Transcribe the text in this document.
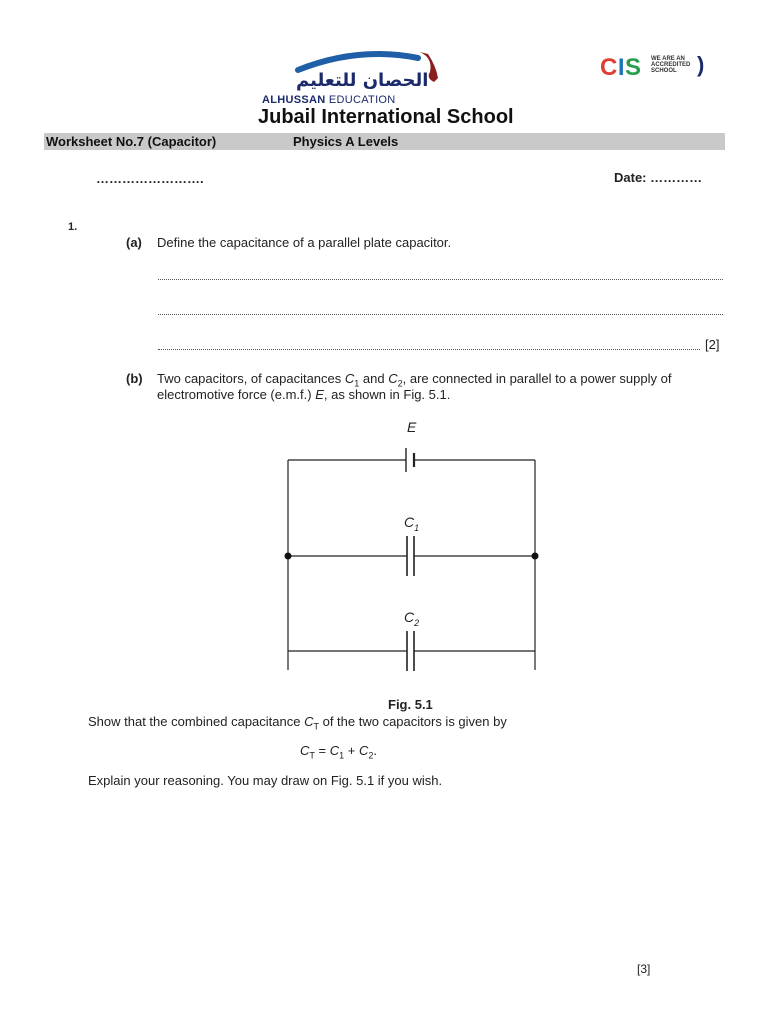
الحصان للتعليم
ALHUSSAN EDUCATION
Jubail International School
CIS WE ARE AN
ACCREDITED
SCHOOL )
Worksheet No.7 (Capacitor)	Physics A Levels
…………………….	Date: …………
1.
(a) Define the capacitance of a parallel plate capacitor.
[2]
(b) Two capacitors, of capacitances $C_1$ and $C_2$, are connected in parallel to a power supply of
electromotive force (e.m.f.) E, as shown in Fig. 5.1.
E
$C_1$
$C_2$
Fig. 5.1
Show that the combined capacitance $C_T$ of the two capacitors is given by
$C_T = C_1 + C_2$.
Explain your reasoning. You may draw on Fig. 5.1 if you wish.
[3]
